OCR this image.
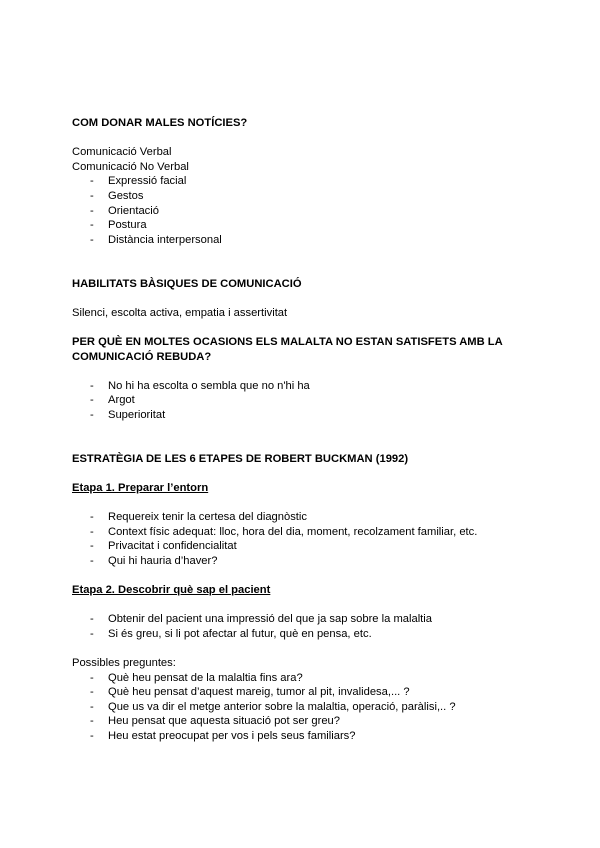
COM DONAR MALES NOTÍCIES?

Comunicació Verbal

Comunicació No Verbal

- Expressió facial
- Gestos
- Orientació
- Postura
- Distància interpersonal

HABILITATS BÀSIQUES DE COMUNICACIÓ

Silenci, escolta activa, empatia i assertivitat

PER QUÈ EN MOLTES OCASIONS ELS MALALTA NO ESTAN SATISFETS AMB LA

COMUNICACIÓ REBUDA?

- No hi ha escolta o sembla que no n'hi ha
- Argot
- Superioritat

ESTRATÈGIA DE LES 6 ETAPES DE ROBERT BUCKMAN (1992)

Etapa 1. Preparar l’entorn

- Requereix tenir la certesa del diagnòstic
- Context físic adequat: lloc, hora del dia, moment, recolzament familiar, etc.
- Privacitat i confidencialitat
- Qui hi hauria d’haver?

Etapa 2. Descobrir què sap el pacient

- Obtenir del pacient una impressió del que ja sap sobre la malaltia
- Si és greu, si li pot afectar al futur, què en pensa, etc.

Possibles preguntes:

- Què heu pensat de la malaltia fins ara?
- Què heu pensat d’aquest mareig, tumor al pit, invalidesa,... ?
- Que us va dir el metge anterior sobre la malaltia, operació, paràlisi,.. ?
- Heu pensat que aquesta situació pot ser greu?
- Heu estat preocupat per vos i pels seus familiars?
